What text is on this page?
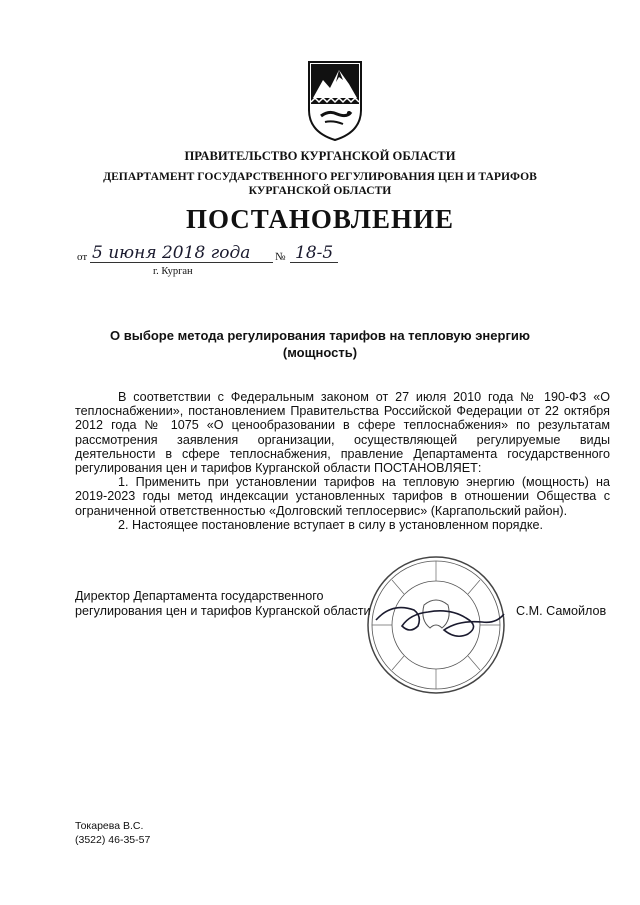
ПРАВИТЕЛЬСТВО КУРГАНСКОЙ ОБЛАСТИ
ДЕПАРТАМЕНТ ГОСУДАРСТВЕННОГО РЕГУЛИРОВАНИЯ ЦЕН И ТАРИФОВ
КУРГАНСКОЙ ОБЛАСТИ
ПОСТАНОВЛЕНИЕ
от 5 июня 2018 года № 18-5
г. Курган
О выборе метода регулирования тарифов на тепловую энергию
(мощность)

В соответствии с Федеральным законом от 27 июля 2010 года № 190-ФЗ «О теплоснабжении», постановлением Правительства Российской Федерации от 22 октября 2012 года № 1075 «О ценообразовании в сфере теплоснабжения» по результатам рассмотрения заявления организации, осуществляющей регулируемые виды деятельности в сфере теплоснабжения, правление Департамента государственного регулирования цен и тарифов Курганской области ПОСТАНОВЛЯЕТ:

1. Применить при установлении тарифов на тепловую энергию (мощность) на 2019-2023 годы метод индексации установленных тарифов в отношении Общества с ограниченной ответственностью «Долговский теплосервис» (Каргапольский район).

2. Настоящее постановление вступает в силу в установленном порядке.

Директор Департамента государственного
регулирования цен и тарифов Курганской области	С.М. Самойлов
Токарева В.С.
(3522) 46-35-57
